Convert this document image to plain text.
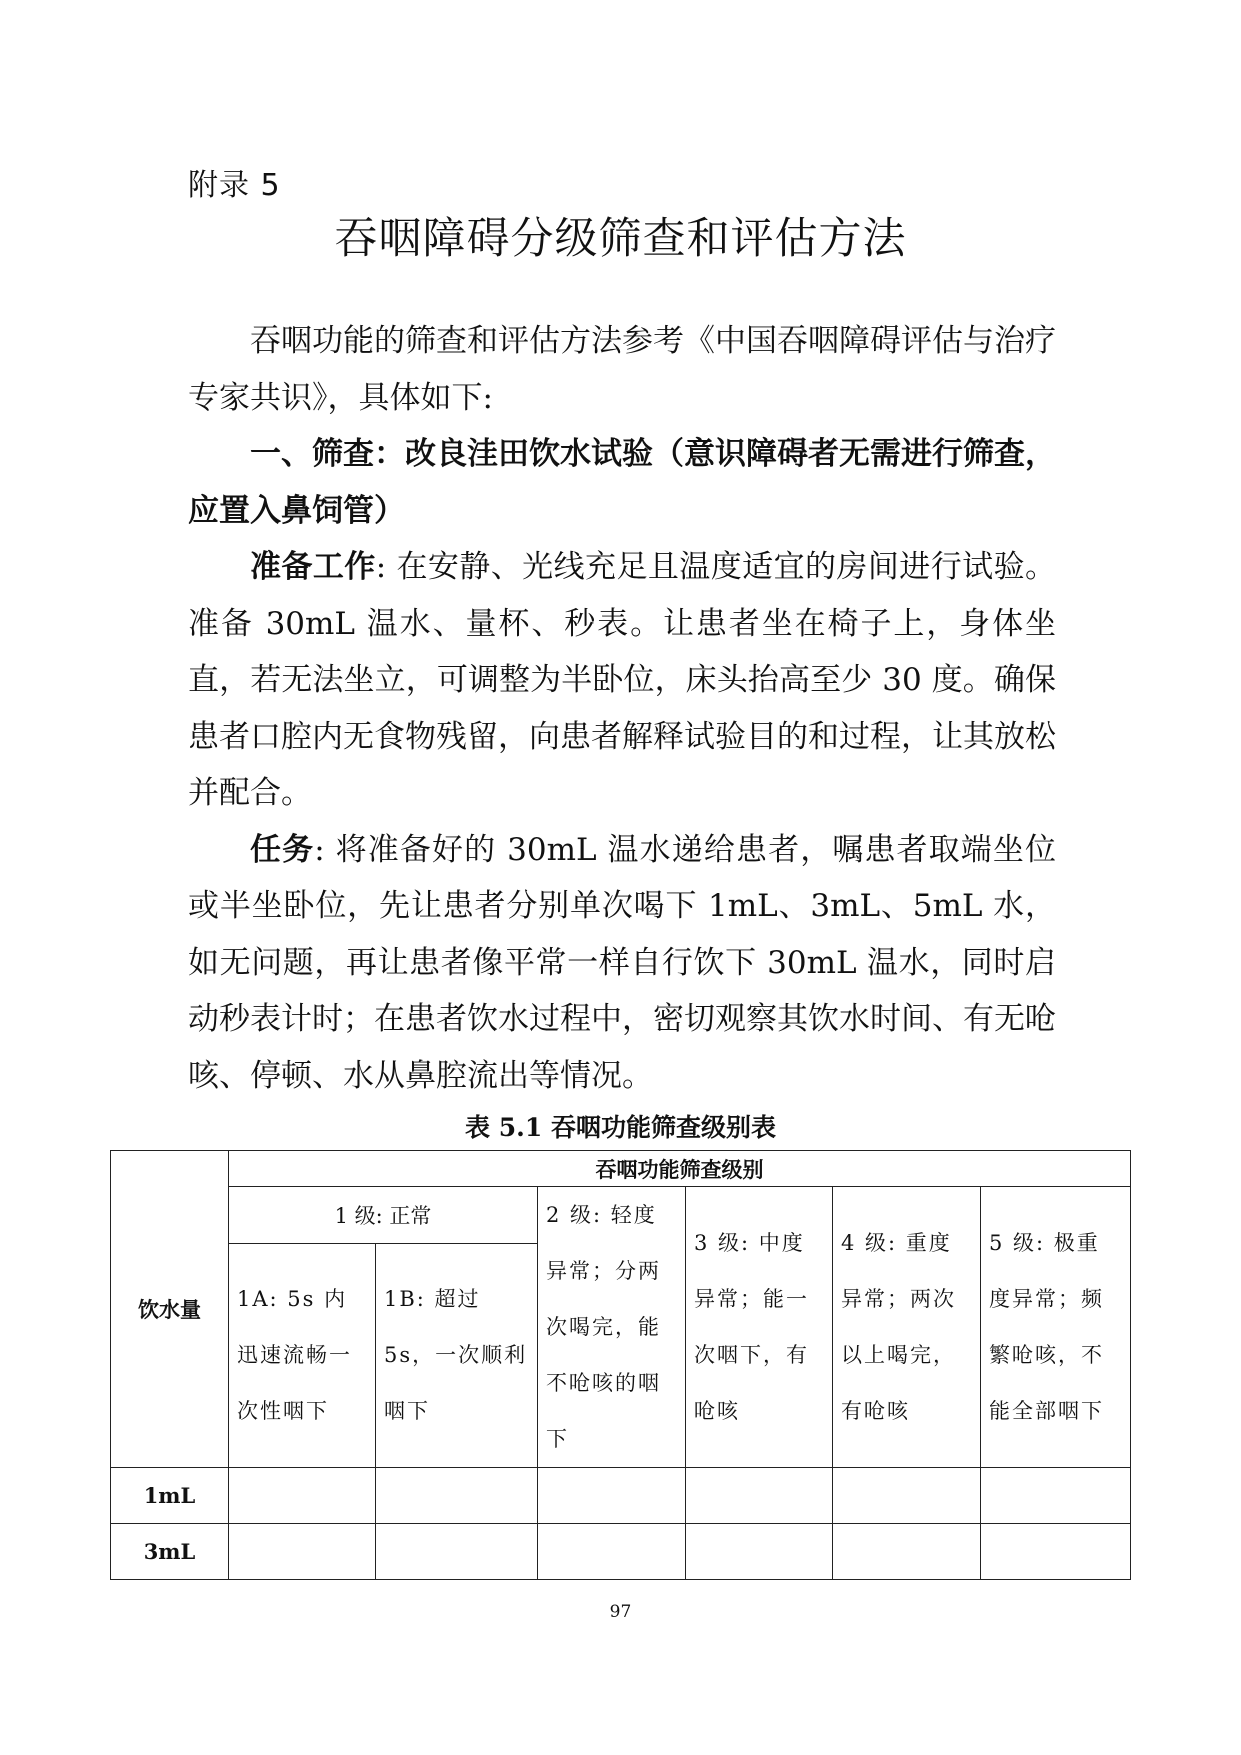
附录 5
吞咽障碍分级筛查和评估方法

吞咽功能的筛查和评估方法参考《中国吞咽障碍评估与治疗专家共识》，具体如下:

一、筛查：改良洼田饮水试验（意识障碍者无需进行筛查，应置入鼻饲管）

准备工作: 在安静、光线充足且温度适宜的房间进行试验。准备 30mL 温水、量杯、秒表。让患者坐在椅子上，身体坐直，若无法坐立，可调整为半卧位，床头抬高至少 30 度。确保患者口腔内无食物残留，向患者解释试验目的和过程，让其放松并配合。

任务: 将准备好的 30mL 温水递给患者，嘱患者取端坐位或半坐卧位，先让患者分别单次喝下 1mL、3mL、5mL 水，如无问题，再让患者像平常一样自行饮下 30mL 温水，同时启动秒表计时；在患者饮水过程中，密切观察其饮水时间、有无呛咳、停顿、水从鼻腔流出等情况。

表 5.1 吞咽功能筛查级别表
饮水量	吞咽功能筛查级别					
	1 级: 正常		2 级: 轻度异常；分两次喝完，能不呛咳的咽下	3 级: 中度异常；能一次咽下，有呛咳	4 级: 重度异常；两次以上喝完，有呛咳	5 级: 极重度异常；频繁呛咳，不能全部咽下
	1A: 5s 内迅速流畅一次性咽下	1B: 超过 5s，一次顺利咽下				
1mL						
3mL						
97
